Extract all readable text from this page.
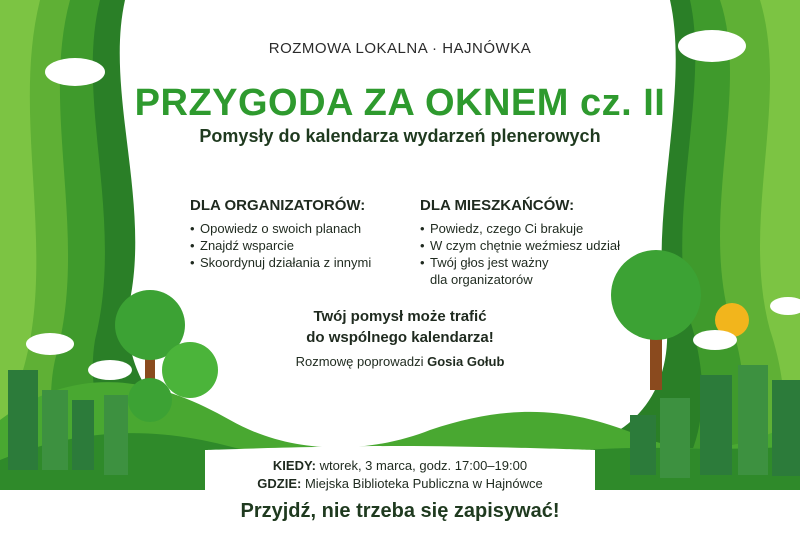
ROZMOWA LOKALNA · HAJNÓWKA
PRZYGODA ZA OKNEM cz. II
Pomysły do kalendarza wydarzeń plenerowych
DLA ORGANIZATORÓW:
• Opowiedz o swoich planach
• Znajdź wsparcie
• Skoordynuj działania z innymi
DLA MIESZKAŃCÓW:
• Powiedz, czego Ci brakuje
• W czym chętnie weźmiesz udział
• Twój głos jest ważny
dla organizatorów
Twój pomysł może trafić
do wspólnego kalendarza!
Rozmowę poprowadzi Gosia Gołub
KIEDY: wtorek, 3 marca, godz. 17:00–19:00
GDZIE: Miejska Biblioteka Publiczna w Hajnówce
Przyjdź, nie trzeba się zapisywać!
